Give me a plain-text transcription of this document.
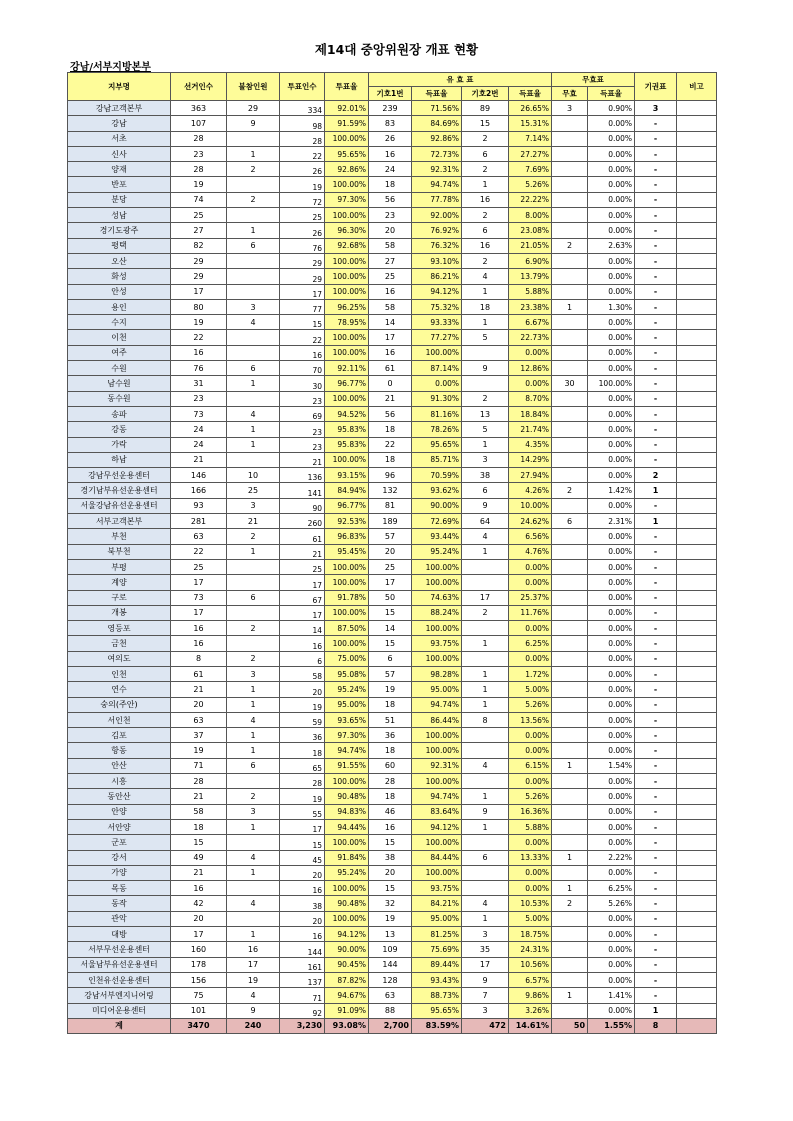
제14대 중앙위원장 개표 현황
강남/서부지방본부
지부명	선거인수	불참인원	투표인수	투표율	유 효 표				무효표		기권표	비고
					기호1번	득표율	기호2번	득표율	무효	득표율		
강남고객본부	363	29	334	92.01%	239	71.56%	89	26.65%	3	0.90%	3	
강남	107	9	98	91.59%	83	84.69%	15	15.31%		0.00%	-	
서초	28		28	100.00%	26	92.86%	2	7.14%		0.00%	-	
신사	23	1	22	95.65%	16	72.73%	6	27.27%		0.00%	-	
양재	28	2	26	92.86%	24	92.31%	2	7.69%		0.00%	-	
반포	19		19	100.00%	18	94.74%	1	5.26%		0.00%	-	
분당	74	2	72	97.30%	56	77.78%	16	22.22%		0.00%	-	
성남	25		25	100.00%	23	92.00%	2	8.00%		0.00%	-	
경기도광주	27	1	26	96.30%	20	76.92%	6	23.08%		0.00%	-	
평택	82	6	76	92.68%	58	76.32%	16	21.05%	2	2.63%	-	
오산	29		29	100.00%	27	93.10%	2	6.90%		0.00%	-	
화성	29		29	100.00%	25	86.21%	4	13.79%		0.00%	-	
안성	17		17	100.00%	16	94.12%	1	5.88%		0.00%	-	
용인	80	3	77	96.25%	58	75.32%	18	23.38%	1	1.30%	-	
수지	19	4	15	78.95%	14	93.33%	1	6.67%		0.00%	-	
이천	22		22	100.00%	17	77.27%	5	22.73%		0.00%	-	
여주	16		16	100.00%	16	100.00%		0.00%		0.00%	-	
수원	76	6	70	92.11%	61	87.14%	9	12.86%		0.00%	-	
남수원	31	1	30	96.77%	0	0.00%		0.00%	30	100.00%	-	
동수원	23		23	100.00%	21	91.30%	2	8.70%		0.00%	-	
송파	73	4	69	94.52%	56	81.16%	13	18.84%		0.00%	-	
강동	24	1	23	95.83%	18	78.26%	5	21.74%		0.00%	-	
가락	24	1	23	95.83%	22	95.65%	1	4.35%		0.00%	-	
하남	21		21	100.00%	18	85.71%	3	14.29%		0.00%	-	
강남무선운용센터	146	10	136	93.15%	96	70.59%	38	27.94%		0.00%	2	
경기남부유선운용센터	166	25	141	84.94%	132	93.62%	6	4.26%	2	1.42%	1	
서울강남유선운용센터	93	3	90	96.77%	81	90.00%	9	10.00%		0.00%	-	
서부고객본부	281	21	260	92.53%	189	72.69%	64	24.62%	6	2.31%	1	
부천	63	2	61	96.83%	57	93.44%	4	6.56%		0.00%	-	
북부천	22	1	21	95.45%	20	95.24%	1	4.76%		0.00%	-	
부평	25		25	100.00%	25	100.00%		0.00%		0.00%	-	
계양	17		17	100.00%	17	100.00%		0.00%		0.00%	-	
구로	73	6	67	91.78%	50	74.63%	17	25.37%		0.00%	-	
개봉	17		17	100.00%	15	88.24%	2	11.76%		0.00%	-	
영등포	16	2	14	87.50%	14	100.00%		0.00%		0.00%	-	
금천	16		16	100.00%	15	93.75%	1	6.25%		0.00%	-	
여의도	8	2	6	75.00%	6	100.00%		0.00%		0.00%	-	
인천	61	3	58	95.08%	57	98.28%	1	1.72%		0.00%	-	
연수	21	1	20	95.24%	19	95.00%	1	5.00%		0.00%	-	
숭의(주안)	20	1	19	95.00%	18	94.74%	1	5.26%		0.00%	-	
서인천	63	4	59	93.65%	51	86.44%	8	13.56%		0.00%	-	
김포	37	1	36	97.30%	36	100.00%		0.00%		0.00%	-	
항동	19	1	18	94.74%	18	100.00%		0.00%		0.00%	-	
안산	71	6	65	91.55%	60	92.31%	4	6.15%	1	1.54%	-	
시흥	28		28	100.00%	28	100.00%		0.00%		0.00%	-	
동안산	21	2	19	90.48%	18	94.74%	1	5.26%		0.00%	-	
안양	58	3	55	94.83%	46	83.64%	9	16.36%		0.00%	-	
서안양	18	1	17	94.44%	16	94.12%	1	5.88%		0.00%	-	
군포	15		15	100.00%	15	100.00%		0.00%		0.00%	-	
강서	49	4	45	91.84%	38	84.44%	6	13.33%	1	2.22%	-	
가양	21	1	20	95.24%	20	100.00%		0.00%		0.00%	-	
목동	16		16	100.00%	15	93.75%		0.00%	1	6.25%	-	
동작	42	4	38	90.48%	32	84.21%	4	10.53%	2	5.26%	-	
관악	20		20	100.00%	19	95.00%	1	5.00%		0.00%	-	
대방	17	1	16	94.12%	13	81.25%	3	18.75%		0.00%	-	
서부무선운용센터	160	16	144	90.00%	109	75.69%	35	24.31%		0.00%	-	
서울남부유선운용센터	178	17	161	90.45%	144	89.44%	17	10.56%		0.00%	-	
인천유선운용센터	156	19	137	87.82%	128	93.43%	9	6.57%		0.00%	-	
강남서부엔지니어링	75	4	71	94.67%	63	88.73%	7	9.86%	1	1.41%	-	
미디어운용센터	101	9	92	91.09%	88	95.65%	3	3.26%		0.00%	1	
계	3470	240	3,230	93.08%	2,700	83.59%	472	14.61%	50	1.55%	8	
